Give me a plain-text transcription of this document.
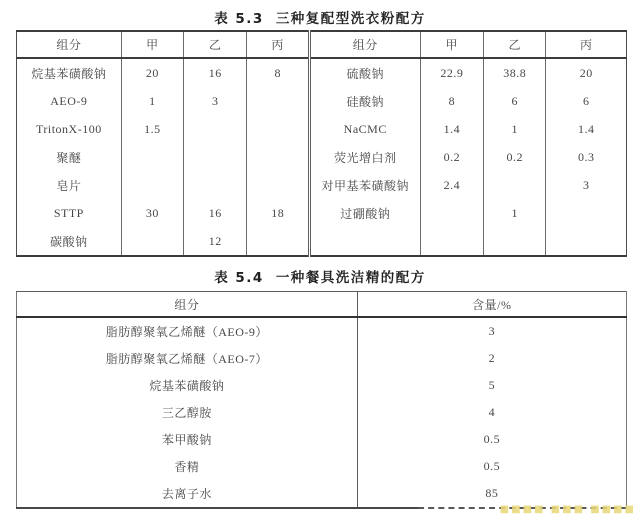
表 5.3 三种复配型洗衣粉配方
组分	甲	乙	丙	组分	甲	乙	丙
烷基苯磺酸钠	20	16	8	硫酸钠	22.9	38.8	20
AEO-9	1	3		硅酸钠	8	6	6
TritonX-100	1.5			NaCMC	1.4	1	1.4
聚醚				荧光增白剂	0.2	0.2	0.3
皂片				对甲基苯磺酸钠	2.4		3
STTP	30	16	18	过硼酸钠		1	
碳酸钠		12					
表 5.4 一种餐具洗洁精的配方
组分	含量/%
脂肪醇聚氧乙烯醚（AEO-9）	3
脂肪醇聚氧乙烯醚（AEO-7）	2
烷基苯磺酸钠	5
三乙醇胺	4
苯甲酸钠	0.5
香精	0.5
去离子水	85
■■■■ ■■■ ■■■■
